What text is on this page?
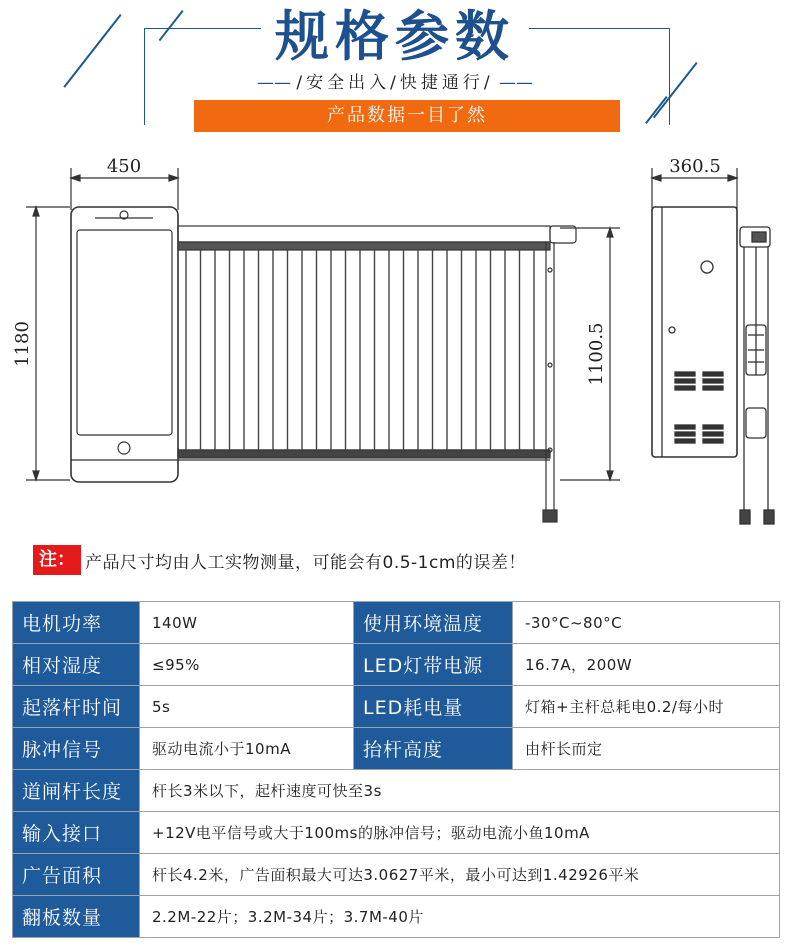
规格参数
—— /安全出入/快捷通行/ ——
产品数据一目了然
450
1180	1100.5
360.5
注： 产品尺寸均由人工实物测量，可能会有0.5-1cm的误差！
电机功率	140W	使用环境温度	-30°C~80°C
相对湿度	≤95%	LED灯带电源	16.7A，200W
起落杆时间	5s	LED耗电量	灯箱+主杆总耗电0.2/每小时
脉冲信号	驱动电流小于10mA	抬杆高度	由杆长而定
道闸杆长度	杆长3米以下，起杆速度可快至3s		
输入接口	+12V电平信号或大于100ms的脉冲信号；驱动电流小鱼10mA		
广告面积	杆长4.2米，广告面积最大可达3.0627平米，最小可达到1.42926平米		
翻板数量	2.2M-22片；3.2M-34片；3.7M-40片		
